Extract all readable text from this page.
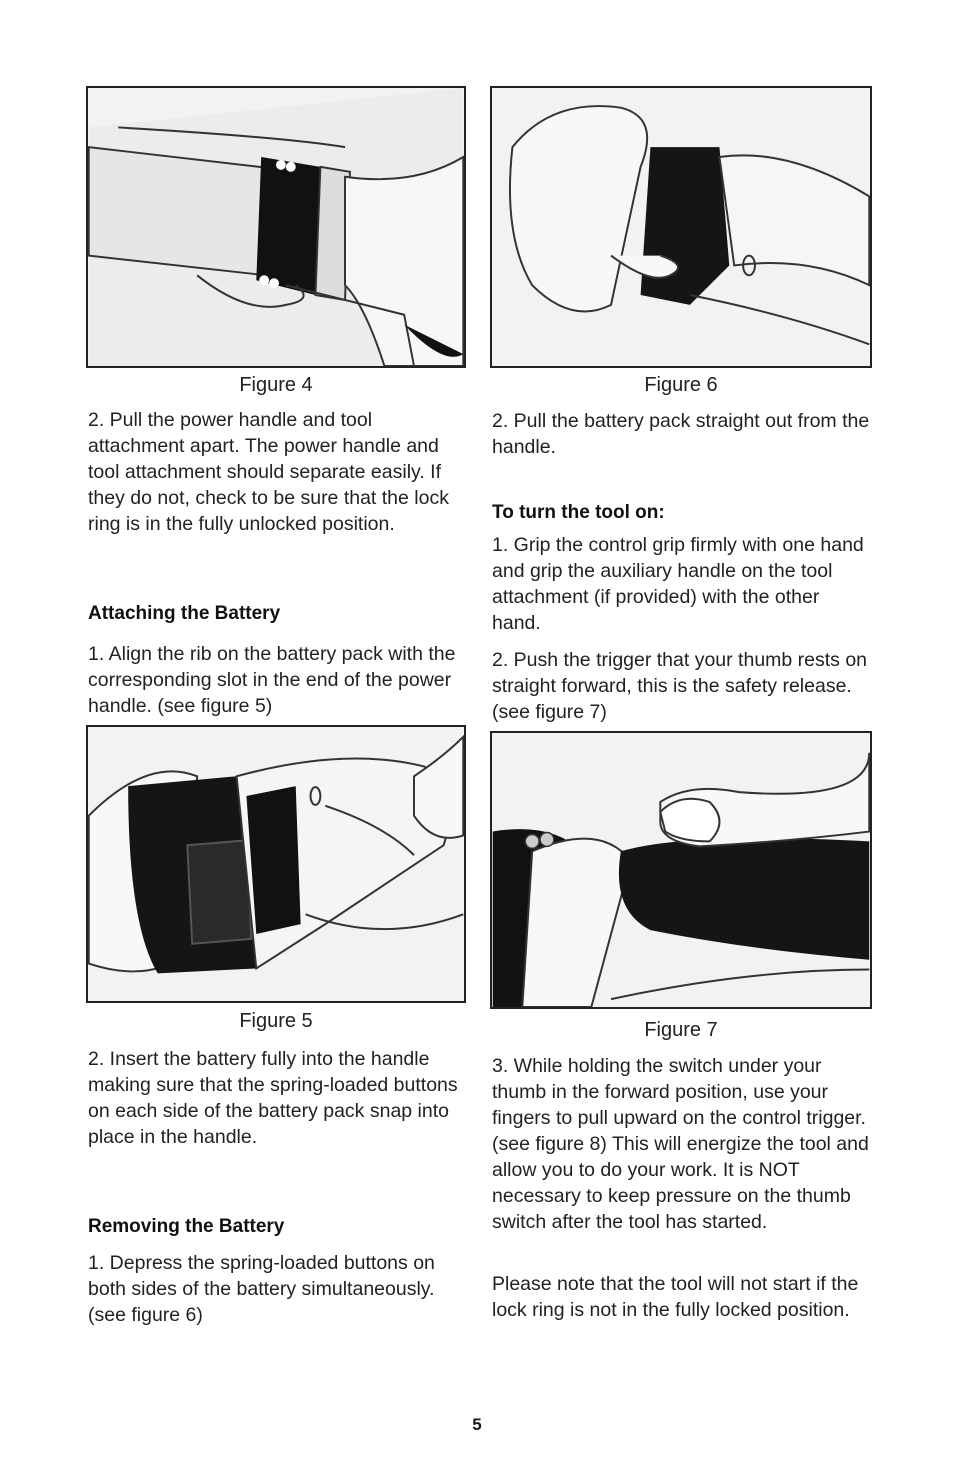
Figure 4	Figure 6

2. Pull the power handle and tool attachment apart. The power handle and tool attachment should separate easily. If they do not, check to be sure that the lock ring is in the fully unlocked position.

Attaching the Battery

1. Align the rib on the battery pack with the corresponding slot in the end of the power handle. (see figure 5)

2. Pull the battery pack straight out from the handle.

To turn the tool on:

1. Grip the control grip firmly with one hand and grip the auxiliary handle on the tool attachment (if provided) with the other hand.

2. Push the trigger that your thumb rests on straight forward, this is the safety release. (see figure 7)

Figure 5	Figure 7

2. Insert the battery fully into the handle making sure that the spring-loaded buttons on each side of the battery pack snap into place in the handle.

Removing the Battery

1. Depress the spring-loaded buttons on both sides of the battery simultaneously. (see figure 6)

3. While holding the switch under your thumb in the forward position, use your fingers to pull upward on the control trigger. (see figure 8) This will energize the tool and allow you to do your work. It is NOT necessary to keep pressure on the thumb switch after the tool has started.

Please note that the tool will not start if the lock ring is not in the fully locked position.

5
